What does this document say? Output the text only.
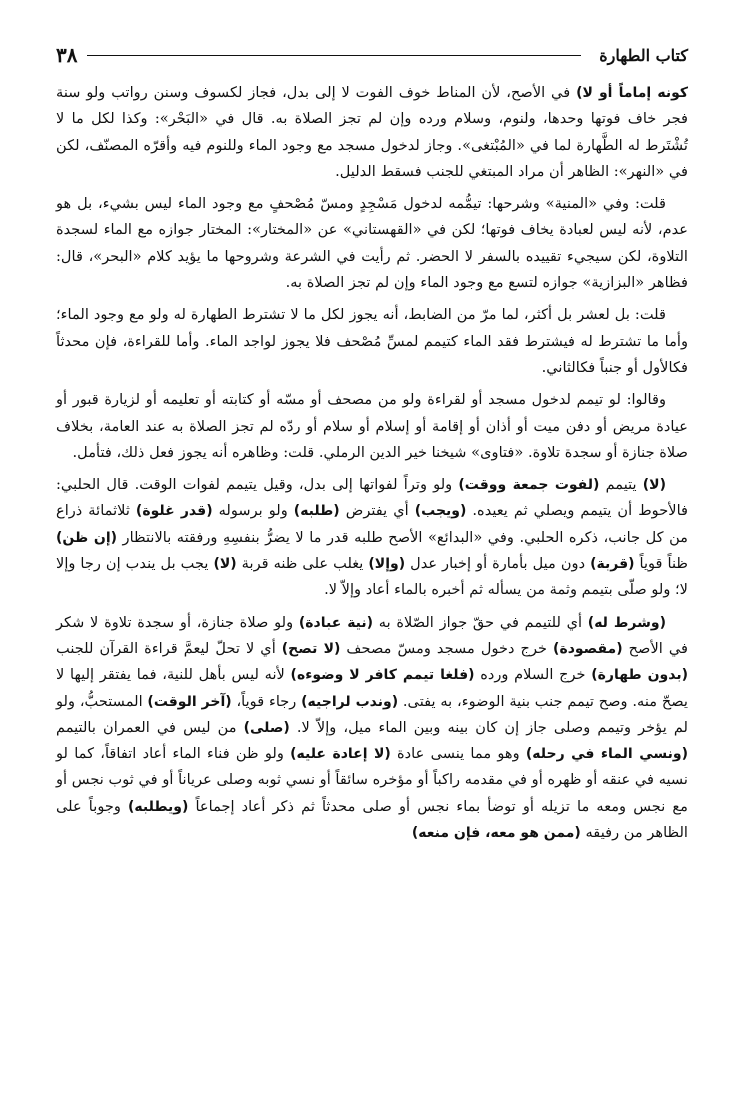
كتاب الطهارة
٣٨

كونه إماماً أو لا) في الأصح، لأن المناط خوف الفوت لا إلى بدل، فجاز لكسوف وسنن رواتب ولو سنة فجر خاف فوتها وحدها، ولنوم، وسلام ورده وإن لم تجز الصلاة به. قال في «البَحْر»: وكذا لكل ما لا تُشْتَرط له الطَّهارة لما في «المُبْتغى». وجاز لدخول مسجد مع وجود الماء وللنوم فيه وأقرّه المصنّف، لكن في «النهر»: الظاهر أن مراد المبتغي للجنب فسقط الدليل.

قلت: وفي «المنية» وشرحها: تيمُّمه لدخول مَسْجِدٍ ومسّ مُصْحفٍ مع وجود الماء ليس بشيء، بل هو عدم، لأنه ليس لعبادة يخاف فوتها؛ لكن في «القهستاني» عن «المختار»: المختار جوازه مع الماء لسجدة التلاوة، لكن سيجيء تقييده بالسفر لا الحضر. ثم رأيت في الشرعة وشروحها ما يؤيد كلام «البحر»، قال: فظاهر «البزازية» جوازه لتسع مع وجود الماء وإن لم تجز الصلاة به.

قلت: بل لعشر بل أكثر، لما مرّ من الضابط، أنه يجوز لكل ما لا تشترط الطهارة له ولو مع وجود الماء؛ وأما ما تشترط له فيشترط فقد الماء كتيمم لمسِّ مُصْحف فلا يجوز لواجد الماء. وأما للقراءة، فإن محدثاً فكالأول أو جنباً فكالثاني.

وقالوا: لو تيمم لدخول مسجد أو لقراءة ولو من مصحف أو مسّه أو كتابته أو تعليمه أو لزيارة قبور أو عيادة مريض أو دفن ميت أو أذان أو إقامة أو إسلام أو سلام أو ردّه لم تجز الصلاة به عند العامة، بخلاف صلاة جنازة أو سجدة تلاوة. «فتاوى» شيخنا خير الدين الرملي. قلت: وظاهره أنه يجوز فعل ذلك، فتأمل.

(لا) يتيمم (لفوت جمعة ووقت) ولو وتراً لفواتها إلى بدل، وقيل يتيمم لفوات الوقت. قال الحلبي: فالأحوط أن يتيمم ويصلي ثم يعيده. (ويجب) أي يفترض (طلبه) ولو برسوله (قدر غلوة) ثلاثمائة ذراع من كل جانب، ذكره الحلبي. وفي «البدائع» الأصح طلبه قدر ما لا يضرُّ بنفسِهِ ورفقته بالانتظار (إن ظن) ظناً قوياً (قربة) دون ميل بأمارة أو إخبار عدل (وإلا) يغلب على ظنه قربة (لا) يجب بل يندب إن رجا وإلا لا؛ ولو صلّى بتيمم وثمة من يسأله ثم أخبره بالماء أعاد وإلاّ لا.

(وشرط له) أي للتيمم في حقّ جواز الصّلاة به (نية عبادة) ولو صلاة جنازة، أو سجدة تلاوة لا شكر في الأصح (مقصودة) خرج دخول مسجد ومسّ مصحف (لا تصح) أي لا تحلّ ليعمَّ قراءة القرآن للجنب (بدون طهارة) خرج السلام ورده (فلغا تيمم كافر لا وضوءه) لأنه ليس بأهل للنية، فما يفتقر إليها لا يصحّ منه. وصح تيمم جنب بنية الوضوء، به يفتى. (وندب لراجيه) رجاء قوياً، (آخر الوقت) المستحبُّ، ولو لم يؤخر وتيمم وصلى جاز إن كان بينه وبين الماء ميل، وإلاّ لا. (صلى) من ليس في العمران بالتيمم (ونسي الماء في رحله) وهو مما ينسى عادة (لا إعادة عليه) ولو ظن فناء الماء أعاد اتفاقاً، كما لو نسيه في عنقه أو ظهره أو في مقدمه راكباً أو مؤخره سائقاً أو نسي ثوبه وصلى عرياناً أو في ثوب نجس أو مع نجس ومعه ما تزيله أو توضأ بماء نجس أو صلى محدثاً ثم ذكر أعاد إجماعاً (ويطلبه) وجوباً على الظاهر من رفيقه (ممن هو معه، فإن منعه)
